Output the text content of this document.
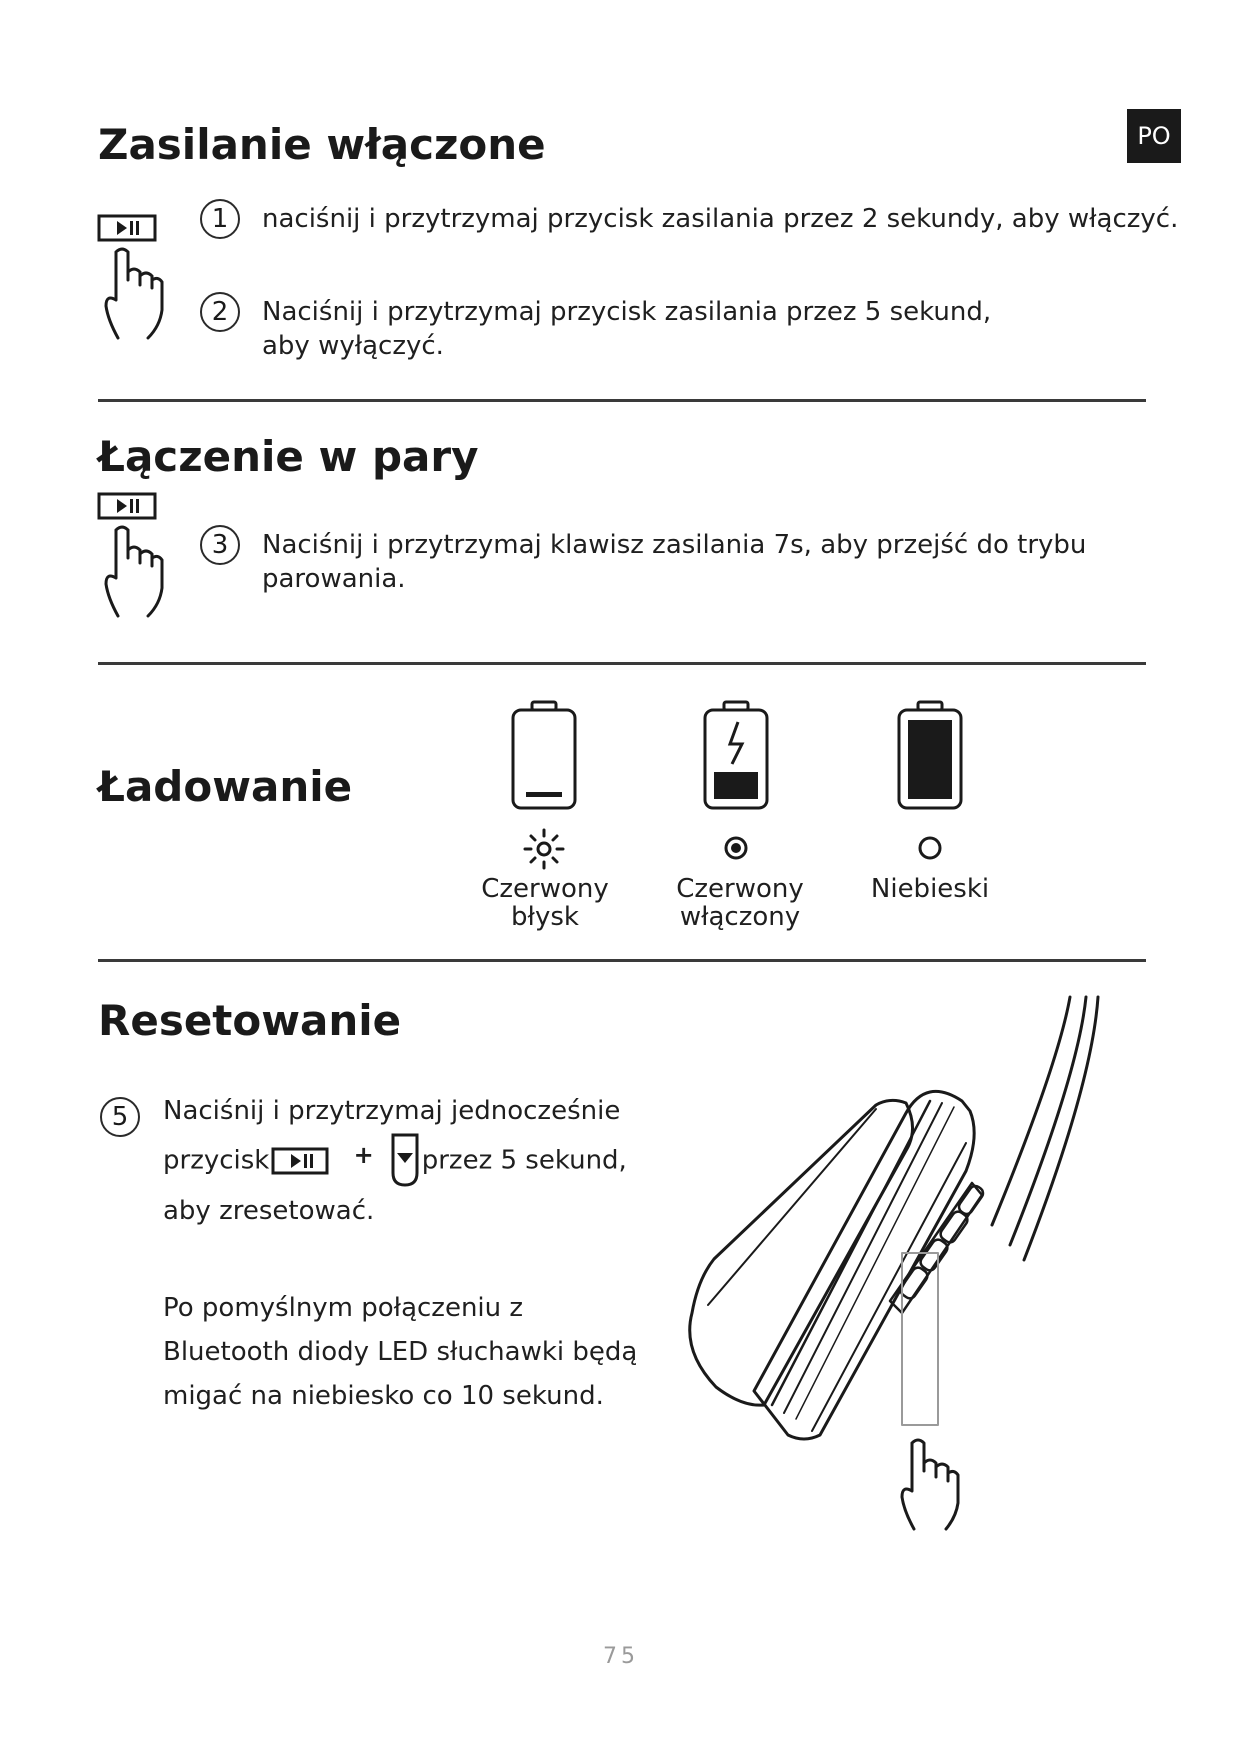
PO
Zasilanie włączone
1	naciśnij i przytrzymaj przycisk zasilania przez 2 sekundy, aby włączyć.
2	Naciśnij i przytrzymaj przycisk zasilania przez 5 sekund, aby wyłączyć.
Łączenie w pary
3	Naciśnij i przytrzymaj klawisz zasilania 7s, aby przejść do trybu parowania.
Ładowanie
Czerwony
błysk
Czerwony
włączony
Niebieski
Resetowanie
5	Naciśnij i przytrzymaj jednocześnie
przycisk	+ przez 5 sekund,
aby zresetować.
Po pomyślnym połączeniu z
Bluetooth diody LED słuchawki będą
migać na niebiesko co 10 sekund.
75
